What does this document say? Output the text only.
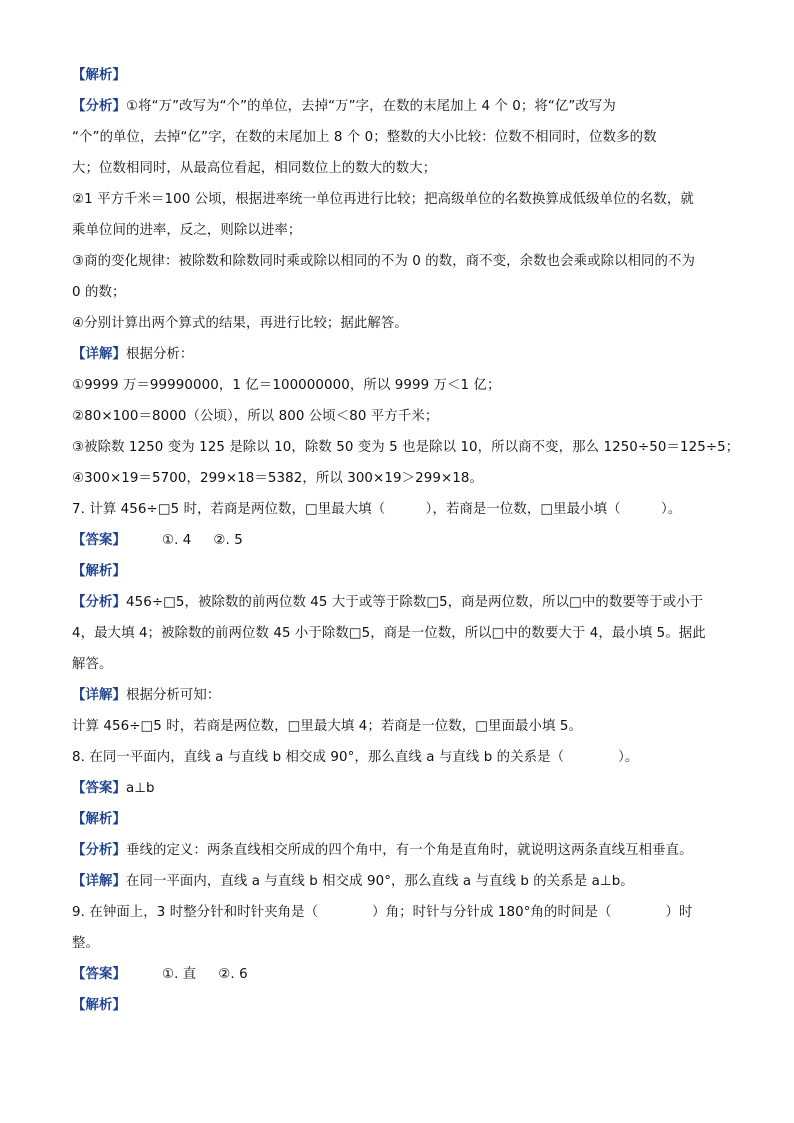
【解析】
【分析】①将“万”改写为“个”的单位，去掉“万”字，在数的末尾加上 4 个 0；将“亿”改写为
“个”的单位，去掉“亿”字，在数的末尾加上 8 个 0；整数的大小比较：位数不相同时，位数多的数
大；位数相同时，从最高位看起，相同数位上的数大的数大；
②1 平方千米＝100 公顷，根据进率统一单位再进行比较；把高级单位的名数换算成低级单位的名数，就
乘单位间的进率，反之，则除以进率；
③商的变化规律：被除数和除数同时乘或除以相同的不为 0 的数，商不变，余数也会乘或除以相同的不为
0 的数；
④分别计算出两个算式的结果，再进行比较；据此解答。
【详解】根据分析：
①9999 万＝99990000，1 亿＝100000000，所以 9999 万＜1 亿；
②80×100＝8000（公顷），所以 800 公顷＜80 平方千米；
③被除数 1250 变为 125 是除以 10，除数 50 变为 5 也是除以 10，所以商不变，那么 1250÷50＝125÷5；
④300×19＝5700，299×18＝5382，所以 300×19＞299×18。
7. 计算 456÷□5 时，若商是两位数，□里最大填（　　　），若商是一位数，□里最小填（　　　）。
【答案】	①. 4 ②. 5
【解析】
【分析】456÷□5，被除数的前两位数 45 大于或等于除数□5，商是两位数，所以□中的数要等于或小于
4，最大填 4；被除数的前两位数 45 小于除数□5，商是一位数，所以□中的数要大于 4，最小填 5。据此
解答。
【详解】根据分析可知：
计算 456÷□5 时，若商是两位数，□里最大填 4；若商是一位数，□里面最小填 5。
8. 在同一平面内，直线 a 与直线 b 相交成 90°，那么直线 a 与直线 b 的关系是（　　　　）。
【答案】a⊥b
【解析】
【分析】垂线的定义：两条直线相交所成的四个角中，有一个角是直角时，就说明这两条直线互相垂直。
【详解】在同一平面内，直线 a 与直线 b 相交成 90°，那么直线 a 与直线 b 的关系是 a⊥b。
9. 在钟面上，3 时整分针和时针夹角是（　　　　）角；时针与分针成 180°角的时间是（　　　　）时
整。
【答案】	①. 直 ②. 6
【解析】
